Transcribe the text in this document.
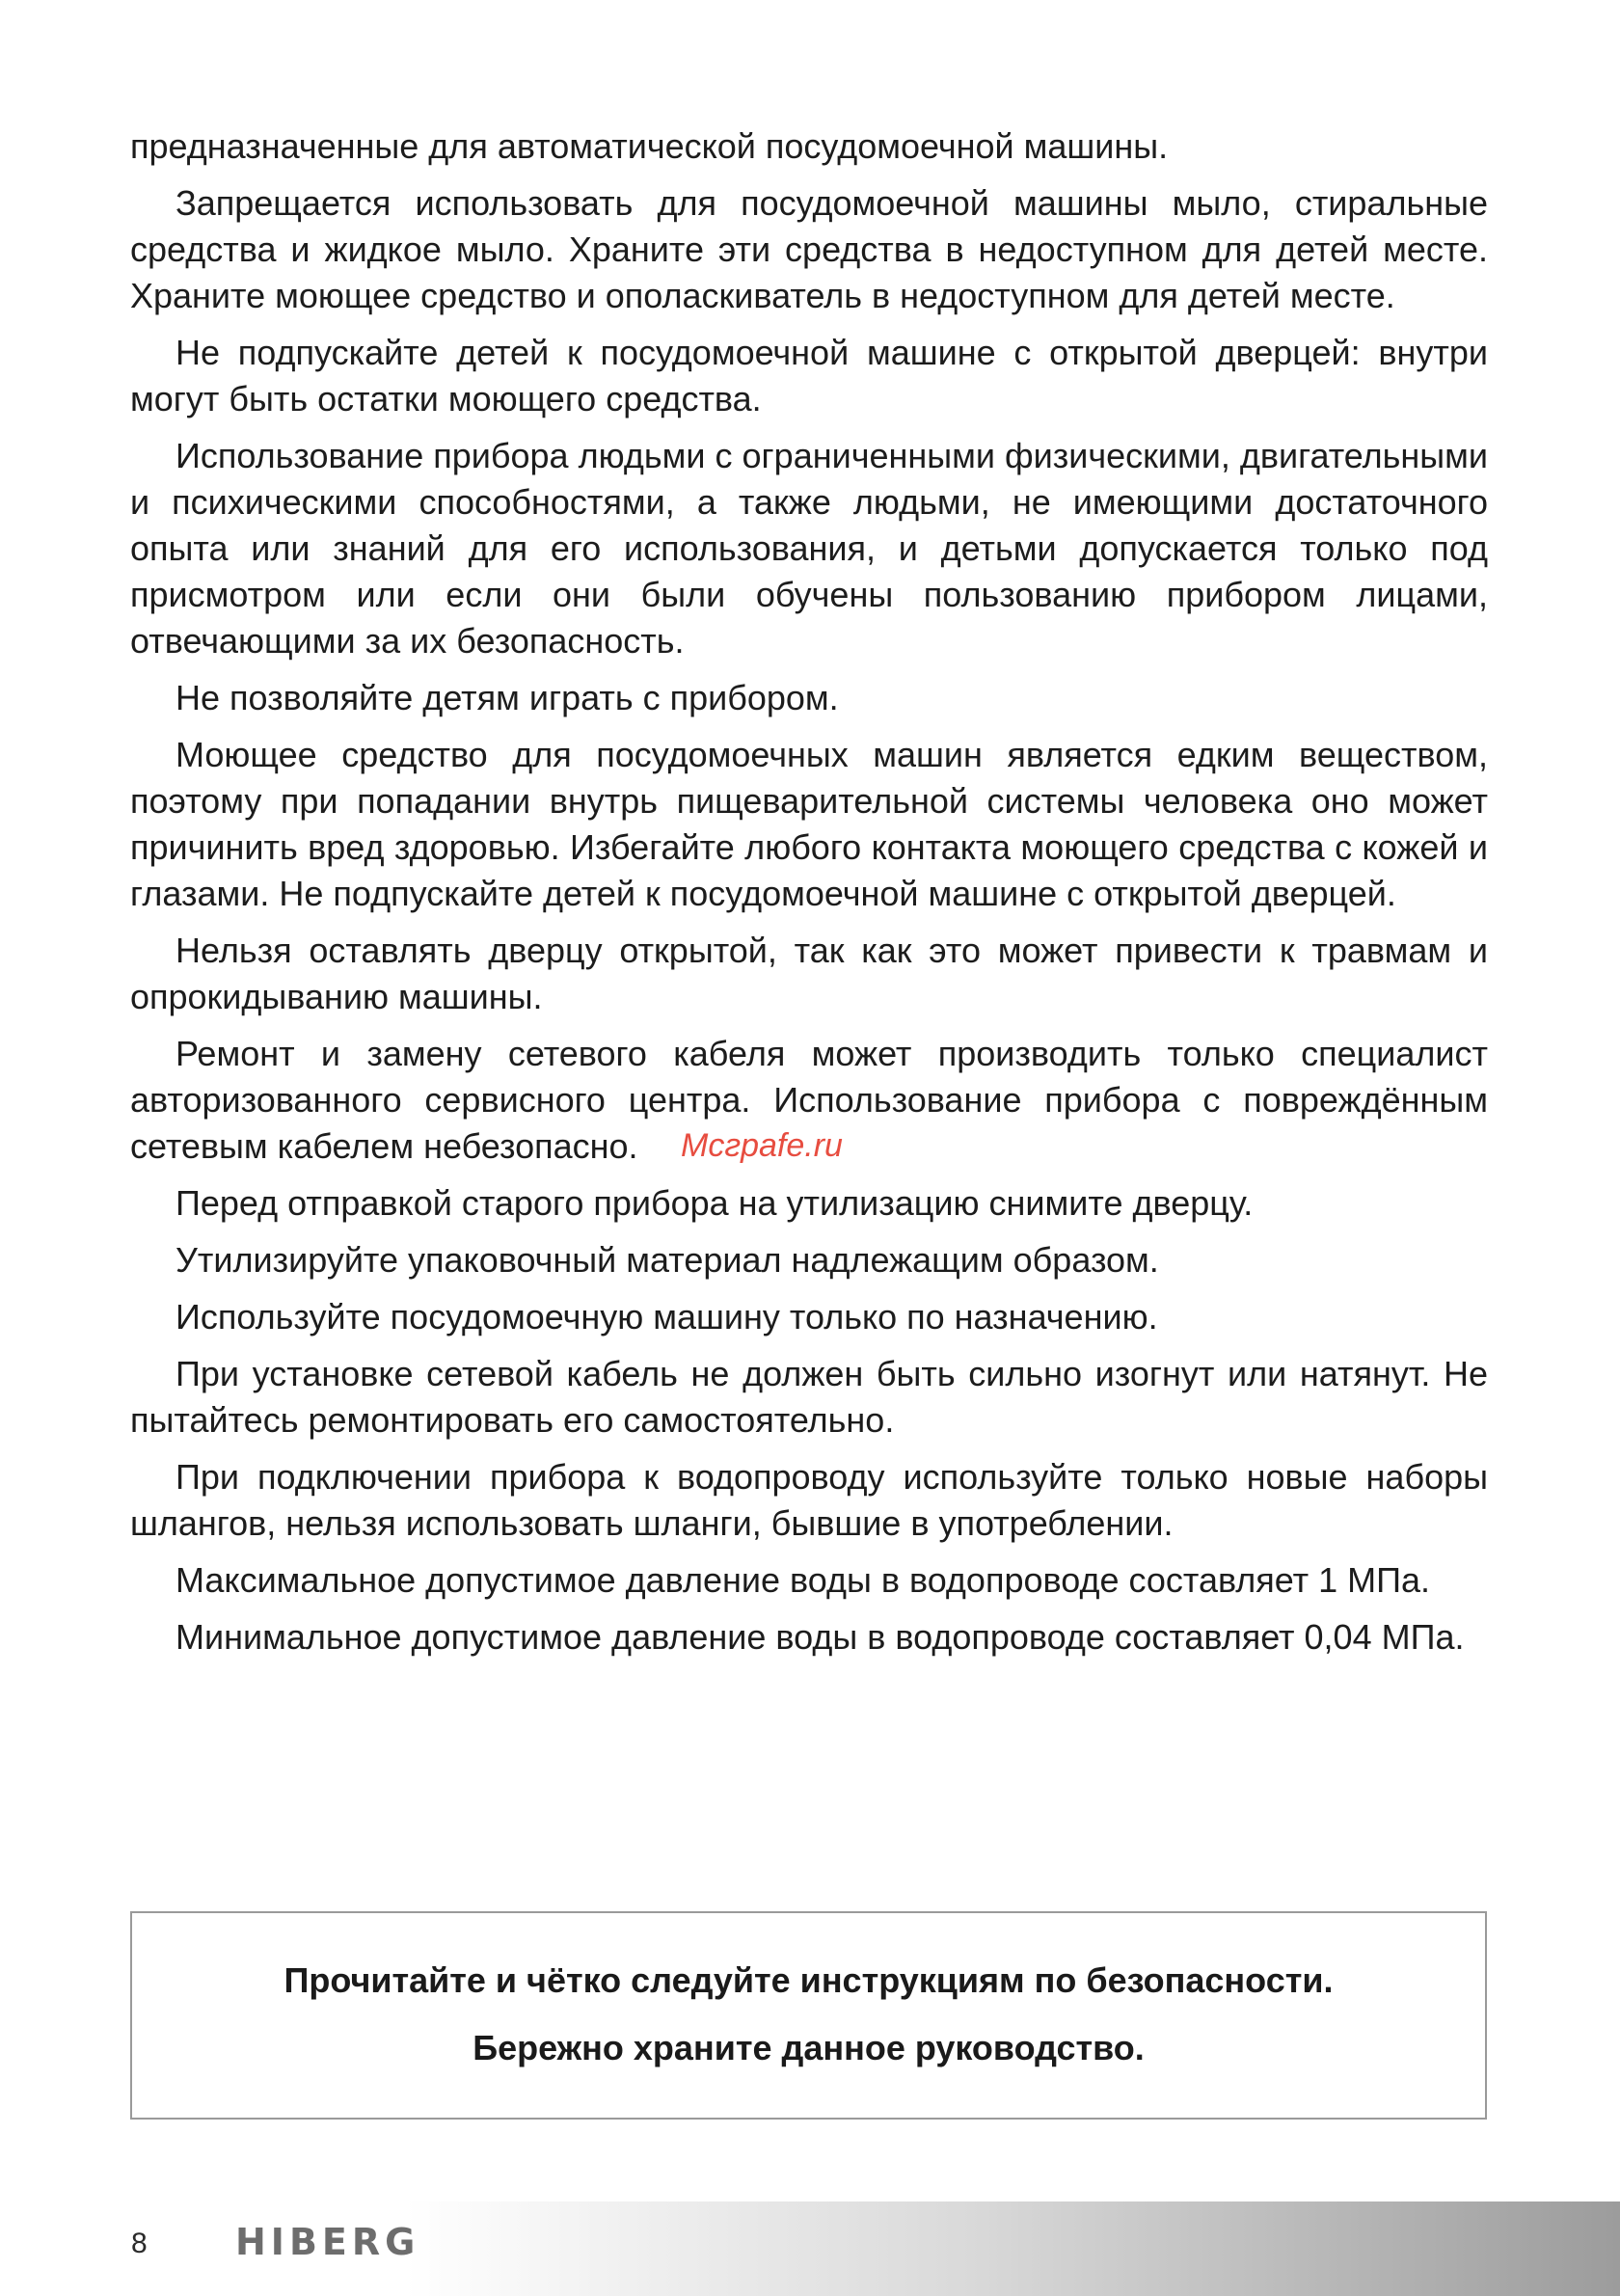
предназначенные для автоматической посудомоечной машины.

Запрещается использовать для посудомоечной машины мыло, стиральные средства и жидкое мыло. Храните эти средства в недоступном для детей месте. Храните моющее средство и ополаскиватель в недоступном для детей месте.

Не подпускайте детей к посудомоечной машине с открытой дверцей: внутри могут быть остатки моющего средства.

Использование прибора людьми с ограниченными физическими, двигательными и психическими способностями, а также людьми, не имеющими достаточного опыта или знаний для его использования, и детьми допускается только под присмотром или если они были обучены пользованию прибором лицами, отвечающими за их безопасность.

Не позволяйте детям играть с прибором.

Моющее средство для посудомоечных машин является едким веществом, поэтому при попадании внутрь пищеварительной системы человека оно может причинить вред здоровью. Избегайте любого контакта моющего средства с кожей и глазами. Не подпускайте детей к посудомоечной машине с открытой дверцей.

Нельзя оставлять дверцу открытой, так как это может привести к травмам и опрокидыванию машины.

Ремонт и замену сетевого кабеля может производить только специалист авторизованного сервисного центра. Использование прибора с повреждённым сетевым кабелем небезопасно.

Перед отправкой старого прибора на утилизацию снимите дверцу.

Утилизируйте упаковочный материал надлежащим образом.

Используйте посудомоечную машину только по назначению.

При установке сетевой кабель не должен быть сильно изогнут или натянут. Не пытайтесь ремонтировать его самостоятельно.

При подключении прибора к водопроводу используйте только новые наборы шлангов, нельзя использовать шланги, бывшие в употреблении.

Максимальное допустимое давление воды в водопроводе составляет 1 МПа.

Минимальное допустимое давление воды в водопроводе составляет 0,04 МПа.

Mcграfe.ru
Прочитайте и чётко следуйте инструкциям по безопасности.
Бережно храните данное руководство.
8 HIBERG
